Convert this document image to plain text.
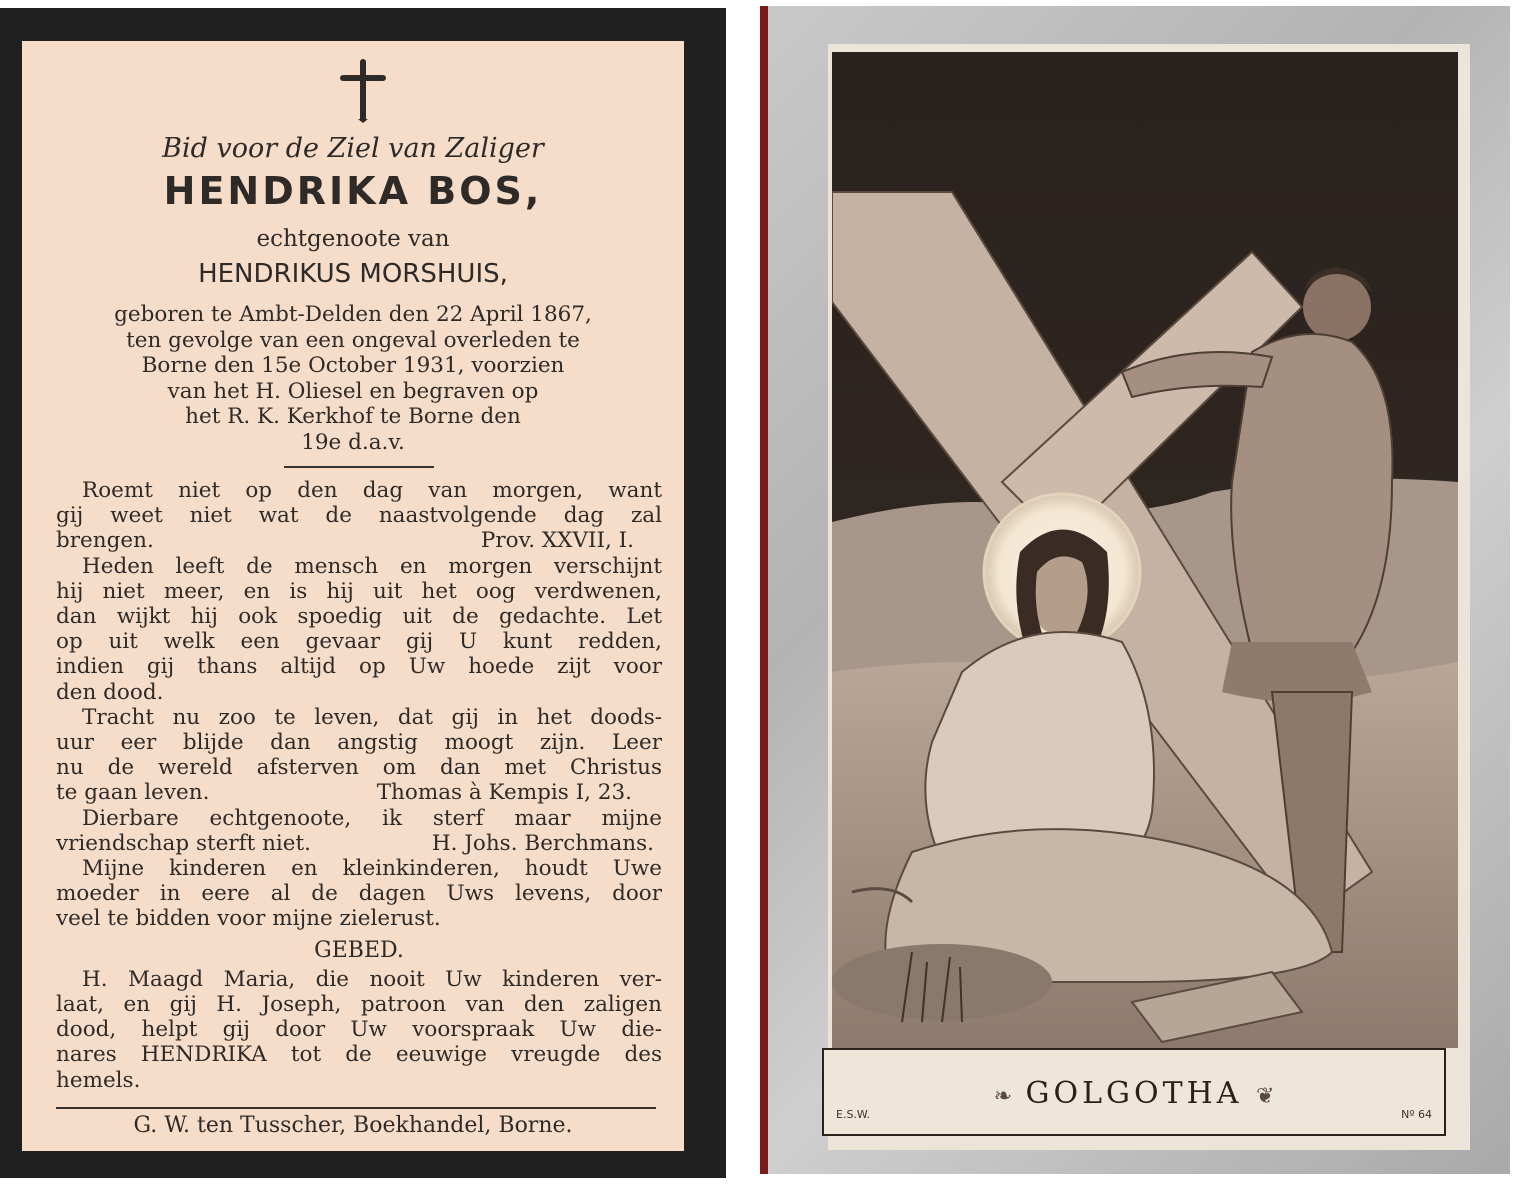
Bid voor de Ziel van Zaliger
HENDRIKA BOS,
echtgenoote van
HENDRIKUS MORSHUIS,
geboren te Ambt-Delden den 22 April 1867,
ten gevolge van een ongeval overleden te
Borne den 15e October 1931, voorzien
van het H. Oliesel en begraven op
het R. K. Kerkhof te Borne den
19e d.a.v.
Roemt niet op den dag van morgen, want
gij weet niet wat de naastvolgende dag zal
brengen.	Prov. XXVII, I.
Heden leeft de mensch en morgen verschijnt
hij niet meer, en is hij uit het oog verdwenen,
dan wijkt hij ook spoedig uit de gedachte. Let
op uit welk een gevaar gij U kunt redden,
indien gij thans altijd op Uw hoede zijt voor
den dood.
Tracht nu zoo te leven, dat gij in het doods-
uur eer blijde dan angstig moogt zijn. Leer
nu de wereld afsterven om dan met Christus
te gaan leven.	Thomas à Kempis I, 23.
Dierbare echtgenoote, ik sterf maar mijne
vriendschap sterft niet.	H. Johs. Berchmans.
Mijne kinderen en kleinkinderen, houdt Uwe
moeder in eere al de dagen Uws levens, door
veel te bidden voor mijne zielerust.
GEBED.
H. Maagd Maria, die nooit Uw kinderen ver-
laat, en gij H. Joseph, patroon van den zaligen
dood, helpt gij door Uw voorspraak Uw die-
nares HENDRIKA tot de eeuwige vreugde des
hemels.
G. W. ten Tusscher, Boekhandel, Borne.
❧ GOLGOTHA ❦
E.S.W.	Nº 64
